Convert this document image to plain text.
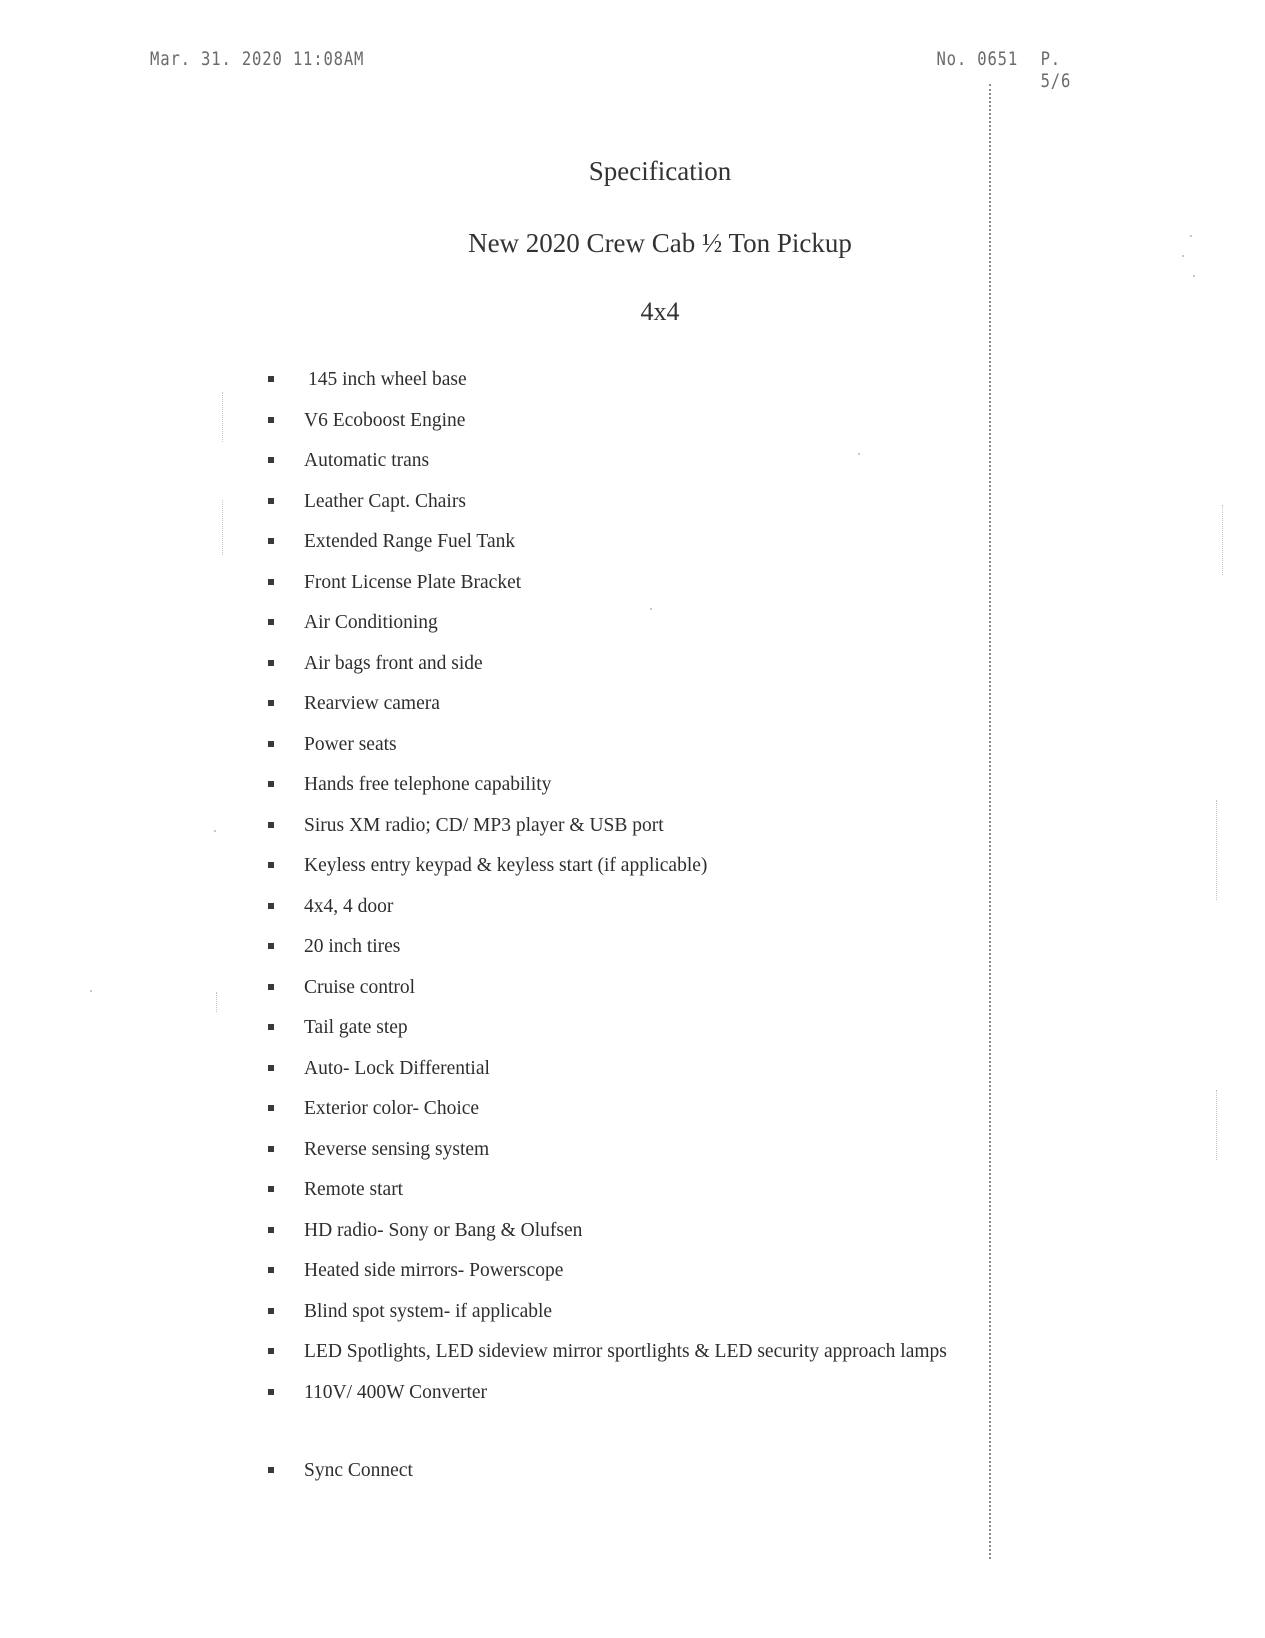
Mar. 31. 2020 11:08AM	No. 0651 P. 5/6
Specification
New 2020 Crew Cab ½ Ton Pickup
4x4
145 inch wheel base
V6 Ecoboost Engine
Automatic trans
Leather Capt. Chairs
Extended Range Fuel Tank
Front License Plate Bracket
Air Conditioning
Air bags front and side
Rearview camera
Power seats
Hands free telephone capability
Sirus XM radio; CD/ MP3 player & USB port
Keyless entry keypad & keyless start (if applicable)
4x4, 4 door
20 inch tires
Cruise control
Tail gate step
Auto- Lock Differential
Exterior color- Choice
Reverse sensing system
Remote start
HD radio- Sony or Bang & Olufsen
Heated side mirrors- Powerscope
Blind spot system- if applicable
LED Spotlights, LED sideview mirror sportlights & LED security approach lamps
110V/ 400W Converter
Sync Connect
